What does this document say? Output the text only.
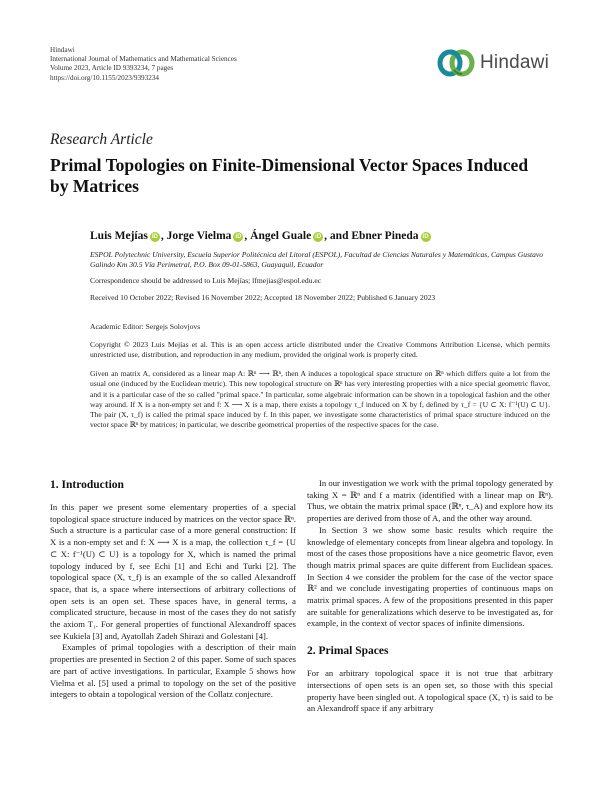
Hindawi
International Journal of Mathematics and Mathematical Sciences
Volume 2023, Article ID 9393234, 7 pages
https://doi.org/10.1155/2023/9393234
Hindawi
Research Article
Primal Topologies on Finite-Dimensional Vector Spaces Induced by Matrices
Luis Mejías iD , Jorge Vielma iD , Ángel Guale iD , and Ebner Pineda iD
ESPOL Polytechnic University, Escuela Superior Politécnica del Litoral (ESPOL), Facultad de Ciencias Naturales y Matemáticas, Campus Gustavo Galindo Km 30.5 Vía Perimetral, P.O. Box 09-01-5863, Guayaquil, Ecuador
Correspondence should be addressed to Luis Mejías; lfmejias@espol.edu.ec
Received 10 October 2022; Revised 16 November 2022; Accepted 18 November 2022; Published 6 January 2023
Academic Editor: Sergejs Solovjovs
Copyright © 2023 Luis Mejías et al. This is an open access article distributed under the Creative Commons Attribution License, which permits unrestricted use, distribution, and reproduction in any medium, provided the original work is properly cited.
Given an matrix A, considered as a linear map A: ℝⁿ ⟶ ℝⁿ, then A induces a topological space structure on ℝⁿ which differs quite a lot from the usual one (induced by the Euclidean metric). This new topological structure on ℝⁿ has very interesting properties with a nice special geometric flavor, and it is a particular case of the so called "primal space." In particular, some algebraic information can be shown in a topological fashion and the other way around. If X is a non-empty set and f: X ⟶ X is a map, there exists a topology τ_f induced on X by f, defined by τ_f = {U ⊂ X: f⁻¹(U) ⊂ U}. The pair (X, τ_f) is called the primal space induced by f. In this paper, we investigate some characteristics of primal space structure induced on the vector space ℝⁿ by matrices; in particular, we describe geometrical properties of the respective spaces for the case.
1. Introduction

In this paper we present some elementary properties of a special topological space structure induced by matrices on the vector space ℝⁿ. Such a structure is a particular case of a more general construction: If X is a non-empty set and f: X ⟶ X is a map, the collection τ_f = {U ⊂ X: f⁻¹(U) ⊂ U} is a topology for X, which is named the primal topology induced by f, see Echi [1] and Echi and Turki [2]. The topological space (X, τ_f) is an example of the so called Alexandroff space, that is, a space where intersections of arbitrary collections of open sets is an open set. These spaces have, in general terms, a complicated structure, because in most of the cases they do not satisfy the axiom T₁. For general properties of functional Alexandroff spaces see Kukiela [3] and, Ayatollah Zadeh Shirazi and Golestani [4].

Examples of primal topologies with a description of their main properties are presented in Section 2 of this paper. Some of such spaces are part of active investigations. In particular, Example 5 shows how Vielma et al. [5] used a primal to topology on the set of the positive integers to obtain a topological version of the Collatz conjecture.

In our investigation we work with the primal topology generated by taking X = ℝⁿ and f a matrix (identified with a linear map on ℝⁿ). Thus, we obtain the matrix primal space (ℝⁿ, τ_A) and explore how its properties are derived from those of A, and the other way around.

In Section 3 we show some basic results which require the knowledge of elementary concepts from linear algebra and topology. In most of the cases those propositions have a nice geometric flavor, even though matrix primal spaces are quite different from Euclidean spaces. In Section 4 we consider the problem for the case of the vector space ℝ² and we conclude investigating properties of continuous maps on matrix primal spaces. A few of the propositions presented in this paper are suitable for generalizations which deserve to be investigated as, for example, in the context of vector spaces of infinite dimensions.

2. Primal Spaces

For an arbitrary topological space it is not true that arbitrary intersections of open sets is an open set, so those with this special property have been singled out. A topological space (X, τ) is said to be an Alexandroff space if any arbitrary
